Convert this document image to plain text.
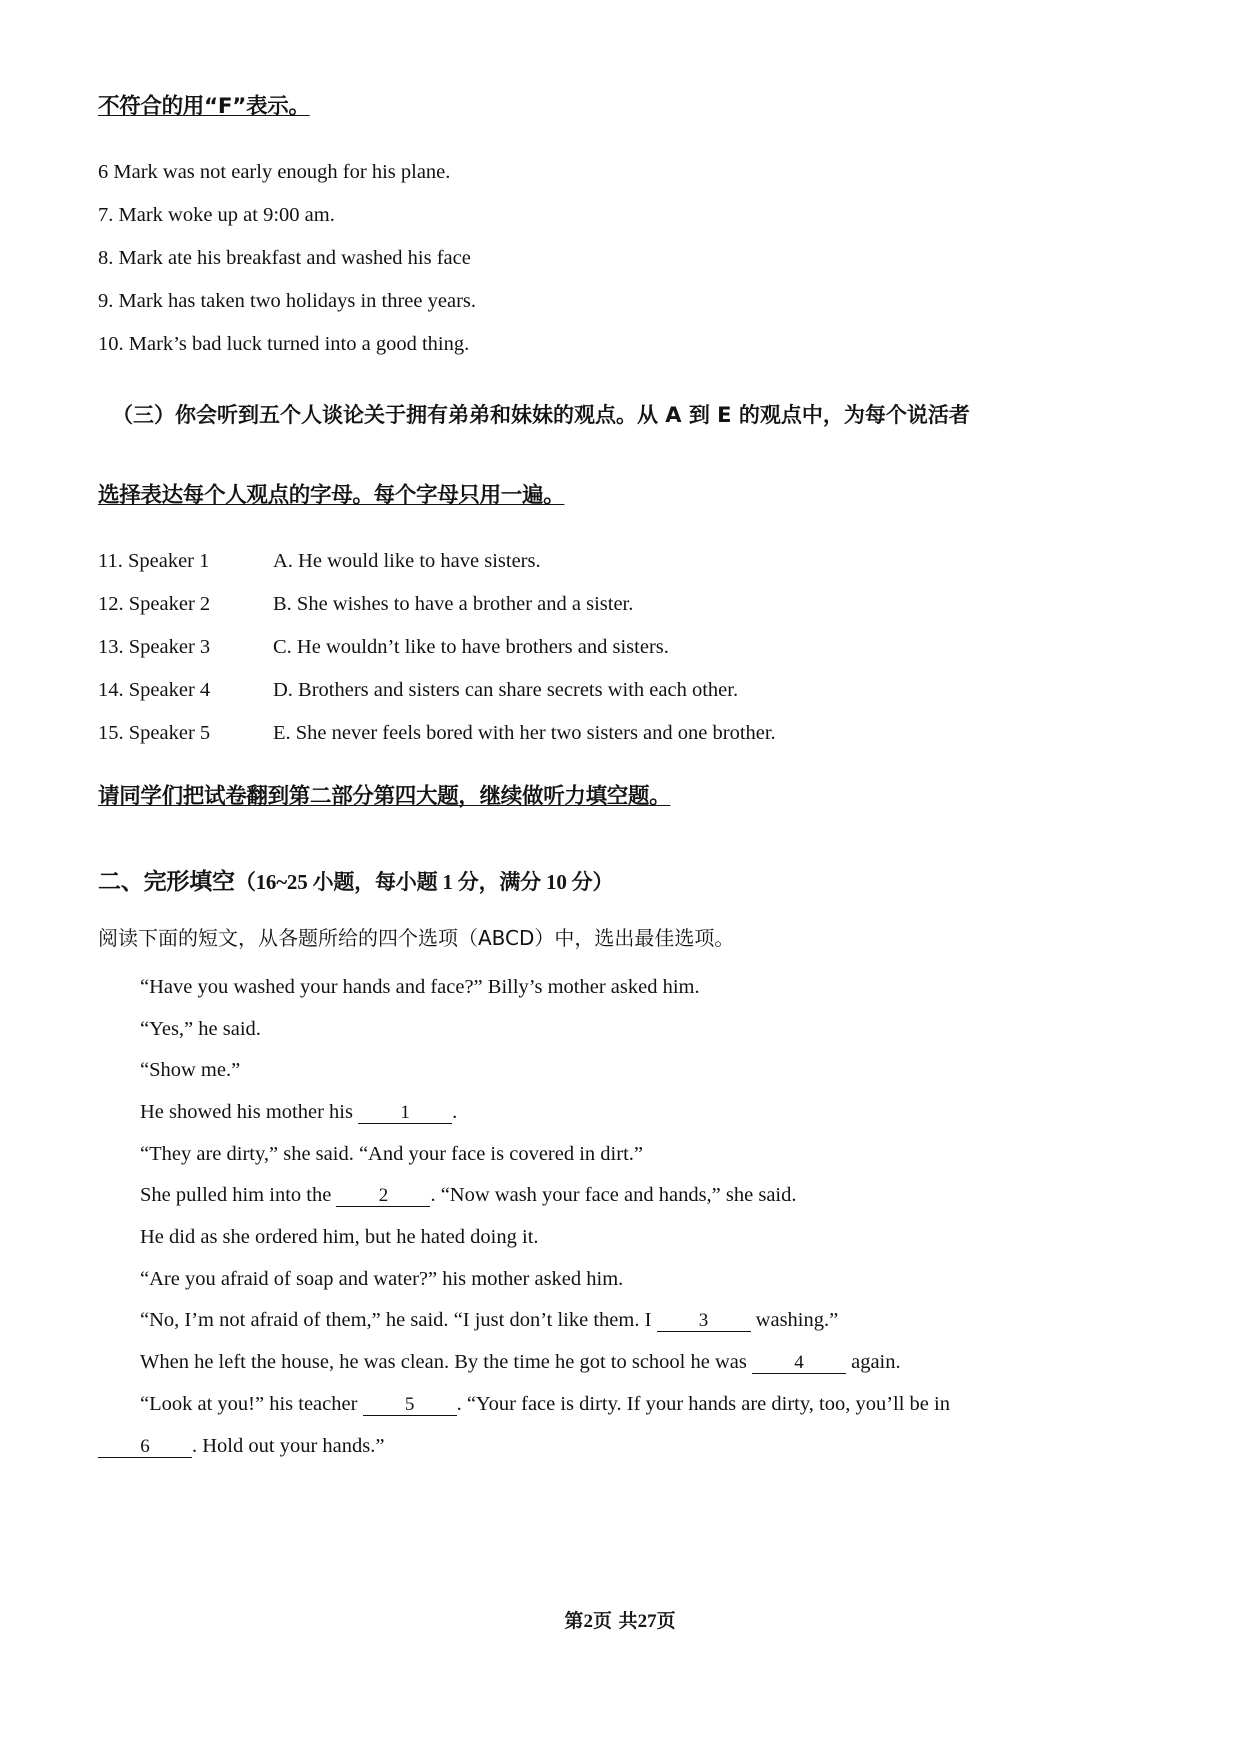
不符合的用“F”表示。
6 Mark was not early enough for his plane.
7. Mark woke up at 9:00 am.
8. Mark ate his breakfast and washed his face
9. Mark has taken two holidays in three years.
10. Mark’s bad luck turned into a good thing.
（三）你会听到五个人谈论关于拥有弟弟和妹妹的观点。从 A 到 E 的观点中，为每个说活者
选择表达每个人观点的字母。每个字母只用一遍。
11. Speaker 1	A. He would like to have sisters.
12. Speaker 2	B. She wishes to have a brother and a sister.
13. Speaker 3	C. He wouldn’t like to have brothers and sisters.
14. Speaker 4	D. Brothers and sisters can share secrets with each other.
15. Speaker 5	E. She never feels bored with her two sisters and one brother.
请同学们把试卷翻到第二部分第四大题，继续做听力填空题。
二、完形填空（16~25 小题，每小题 1 分，满分 10 分）
阅读下面的短文，从各题所给的四个选项（ABCD）中，选出最佳选项。
“Have you washed your hands and face?” Billy’s mother asked him.
“Yes,” he said.
“Show me.”
He showed his mother his 1 .
“They are dirty,” she said. “And your face is covered in dirt.”
She pulled him into the 2 . “Now wash your face and hands,” she said.
He did as she ordered him, but he hated doing it.
“Are you afraid of soap and water?” his mother asked him.
“No, I’m not afraid of them,” he said. “I just don’t like them. I 3 washing.”
When he left the house, he was clean. By the time he got to school he was 4 again.
“Look at you!” his teacher 5 . “Your face is dirty. If your hands are dirty, too, you’ll be in
6 . Hold out your hands.”
第2页 共27页
